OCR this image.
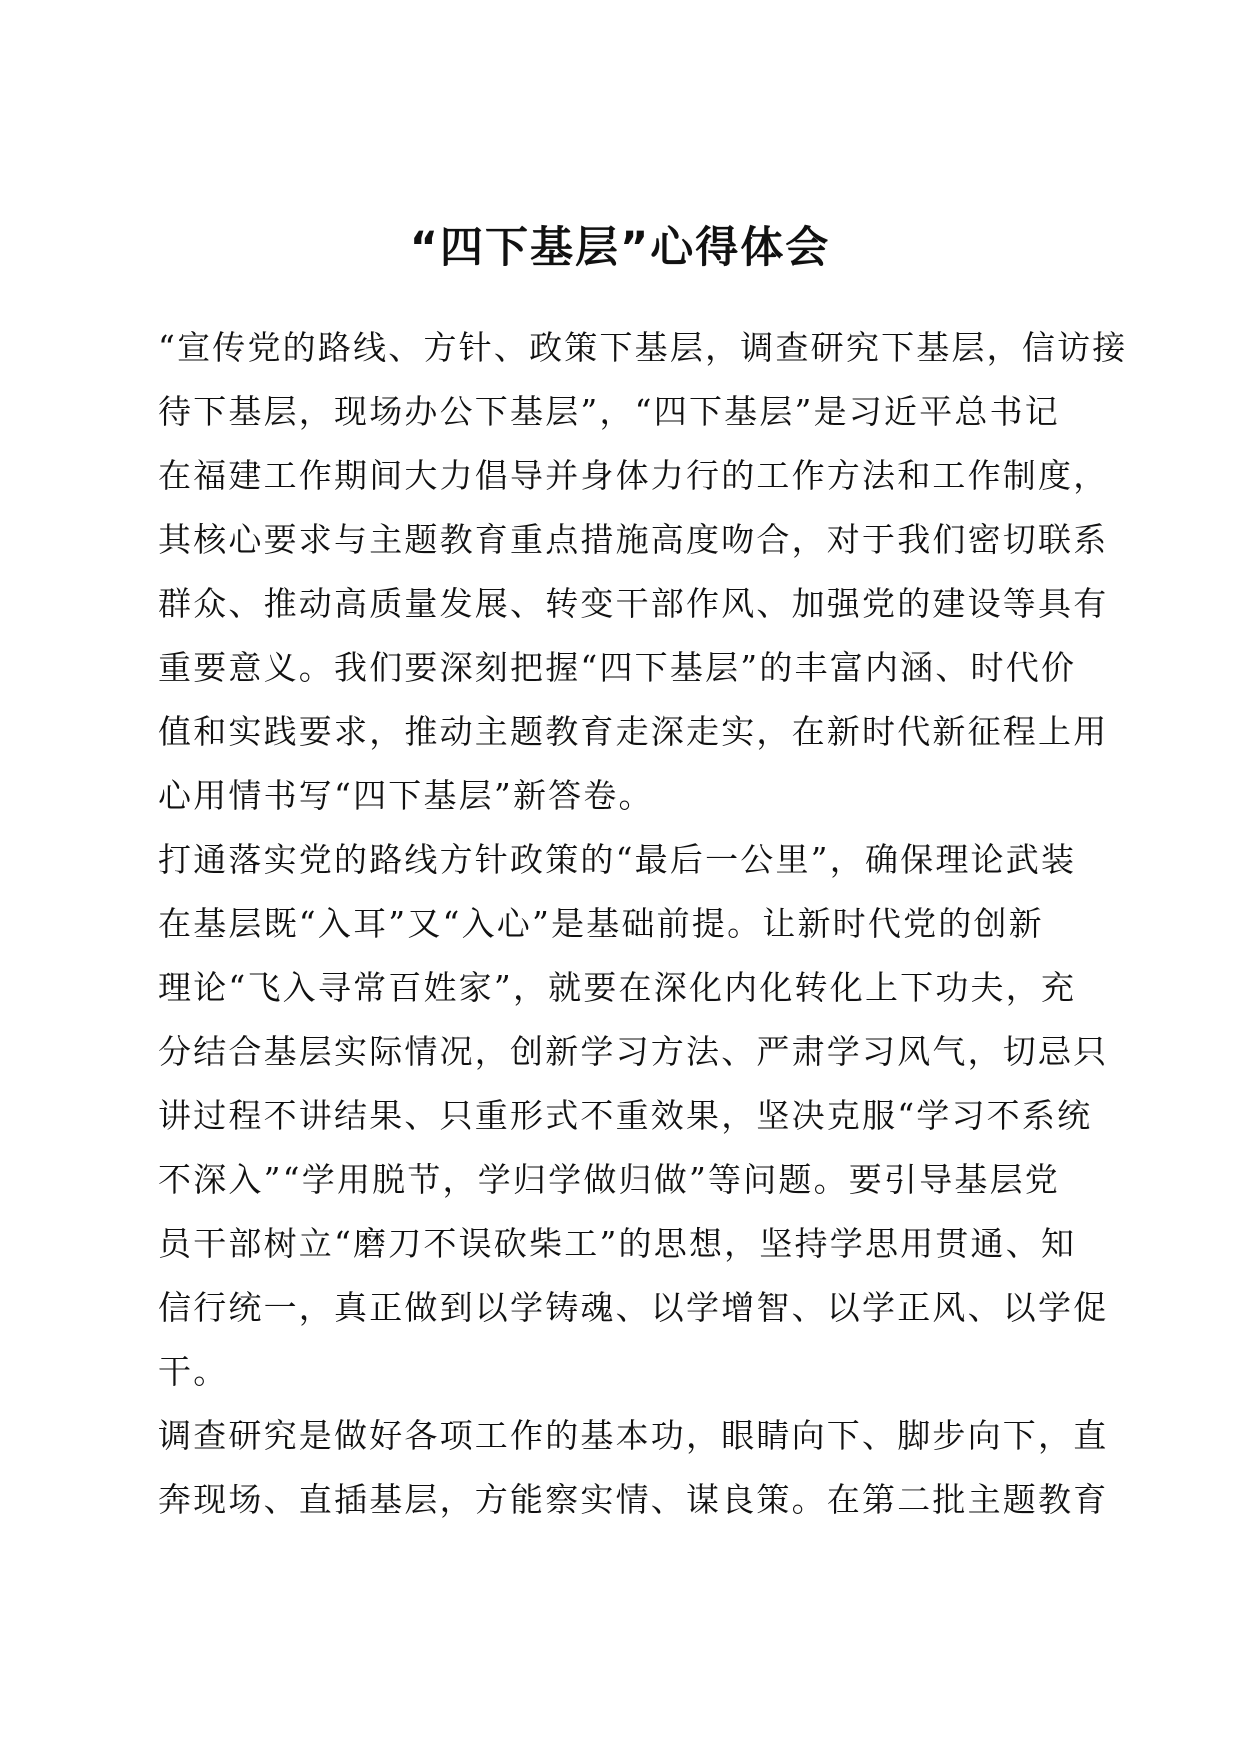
“四下基层”心得体会

“宣传党的路线、方针、政策下基层，调查研究下基层，信访接
待下基层，现场办公下基层”，“四下基层”是习近平总书记
在福建工作期间大力倡导并身体力行的工作方法和工作制度，
其核心要求与主题教育重点措施高度吻合，对于我们密切联系
群众、推动高质量发展、转变干部作风、加强党的建设等具有
重要意义。我们要深刻把握“四下基层”的丰富内涵、时代价
值和实践要求，推动主题教育走深走实，在新时代新征程上用
心用情书写“四下基层”新答卷。

打通落实党的路线方针政策的“最后一公里”，确保理论武装
在基层既“入耳”又“入心”是基础前提。让新时代党的创新
理论“飞入寻常百姓家”，就要在深化内化转化上下功夫，充
分结合基层实际情况，创新学习方法、严肃学习风气，切忌只
讲过程不讲结果、只重形式不重效果，坚决克服“学习不系统
不深入”“学用脱节，学归学做归做”等问题。要引导基层党
员干部树立“磨刀不误砍柴工”的思想，坚持学思用贯通、知
信行统一，真正做到以学铸魂、以学增智、以学正风、以学促
干。

调查研究是做好各项工作的基本功，眼睛向下、脚步向下，直
奔现场、直插基层，方能察实情、谋良策。在第二批主题教育
